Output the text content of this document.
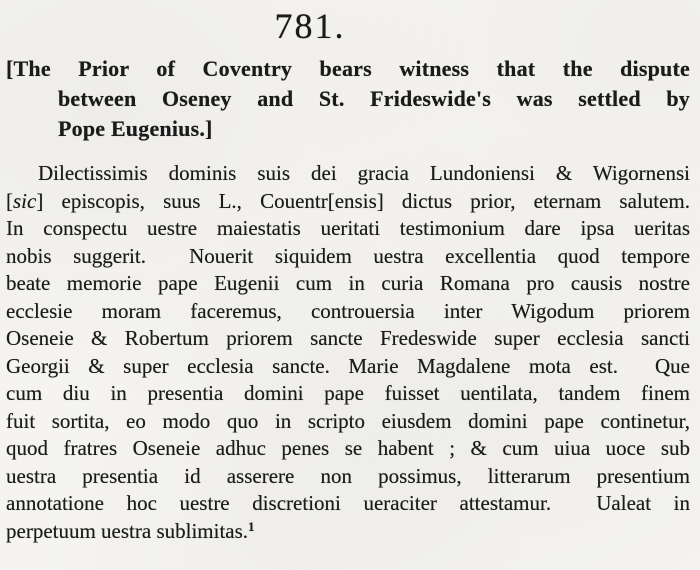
781.
[The Prior of Coventry bears witness that the dispute
between Oseney and St. Frideswide's was settled by
Pope Eugenius.]
Dilectissimis dominis suis dei gracia Lundoniensi & Wigornensi
[sic] episcopis, suus L., Couentr[ensis] dictus prior, eternam salutem.
In conspectu uestre maiestatis ueritati testimonium dare ipsa ueritas
nobis suggerit.  Nouerit siquidem uestra excellentia quod tempore
beate memorie pape Eugenii cum in curia Romana pro causis nostre
ecclesie moram faceremus, controuersia inter Wigodum priorem
Oseneie & Robertum priorem sancte Fredeswide super ecclesia sancti
Georgii & super ecclesia sancte. Marie Magdalene mota est.  Que
cum diu in presentia domini pape fuisset uentilata, tandem finem
fuit sortita, eo modo quo in scripto eiusdem domini pape continetur,
quod fratres Oseneie adhuc penes se habent ; & cum uiua uoce sub
uestra presentia id asserere non possimus, litterarum presentium
annotatione hoc uestre discretioni ueraciter attestamur.  Ualeat in
perpetuum uestra sublimitas.$^1$
